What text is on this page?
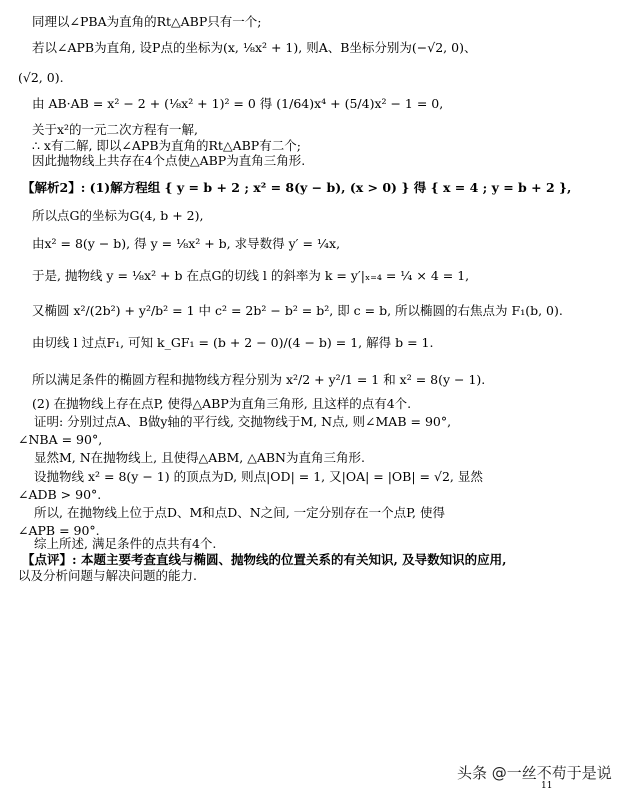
同理以∠PBA为直角的Rt△ABP只有一个;
若以∠APB为直角, 设P点的坐标为(x, ⅛x² + 1), 则A、B坐标分别为(−√2, 0)、
(√2, 0).
由 AB·AB = x² − 2 + (⅛x² + 1)² = 0 得 (1/64)x⁴ + (5/4)x² − 1 = 0,
关于x²的一元二次方程有一解,
∴ x有二解, 即以∠APB为直角的Rt△ABP有二个;
因此抛物线上共存在4个点使△ABP为直角三角形.
【解析2】: (1)解方程组 { y = b + 2 ; x² = 8(y − b), (x > 0) } 得 { x = 4 ; y = b + 2 },
所以点G的坐标为G(4, b + 2),
由x² = 8(y − b), 得 y = ⅛x² + b, 求导数得 y′ = ¼x,
于是, 抛物线 y = ⅛x² + b 在点G的切线 l 的斜率为 k = y′|ₓ₌₄ = ¼ × 4 = 1,
又椭圆 x²/(2b²) + y²/b² = 1 中 c² = 2b² − b² = b², 即 c = b, 所以椭圆的右焦点为 F₁(b, 0).
由切线 l 过点F₁, 可知 k_GF₁ = (b + 2 − 0)/(4 − b) = 1, 解得 b = 1.
所以满足条件的椭圆方程和抛物线方程分别为 x²/2 + y²/1 = 1 和 x² = 8(y − 1).
(2) 在抛物线上存在点P, 使得△ABP为直角三角形, 且这样的点有4个.
证明: 分别过点A、B做y轴的平行线, 交抛物线于M, N点, 则∠MAB = 90°,
∠NBA = 90°,
显然M, N在抛物线上, 且使得△ABM, △ABN为直角三角形.
设抛物线 x² = 8(y − 1) 的顶点为D, 则点|OD| = 1, 又|OA| = |OB| = √2, 显然
∠ADB > 90°.
所以, 在抛物线上位于点D、M和点D、N之间, 一定分别存在一个点P, 使得
∠APB = 90°.
综上所述, 满足条件的点共有4个.
【点评】: 本题主要考查直线与椭圆、抛物线的位置关系的有关知识, 及导数知识的应用,
以及分析问题与解决问题的能力.
头条 @一丝不苟于是说
11
